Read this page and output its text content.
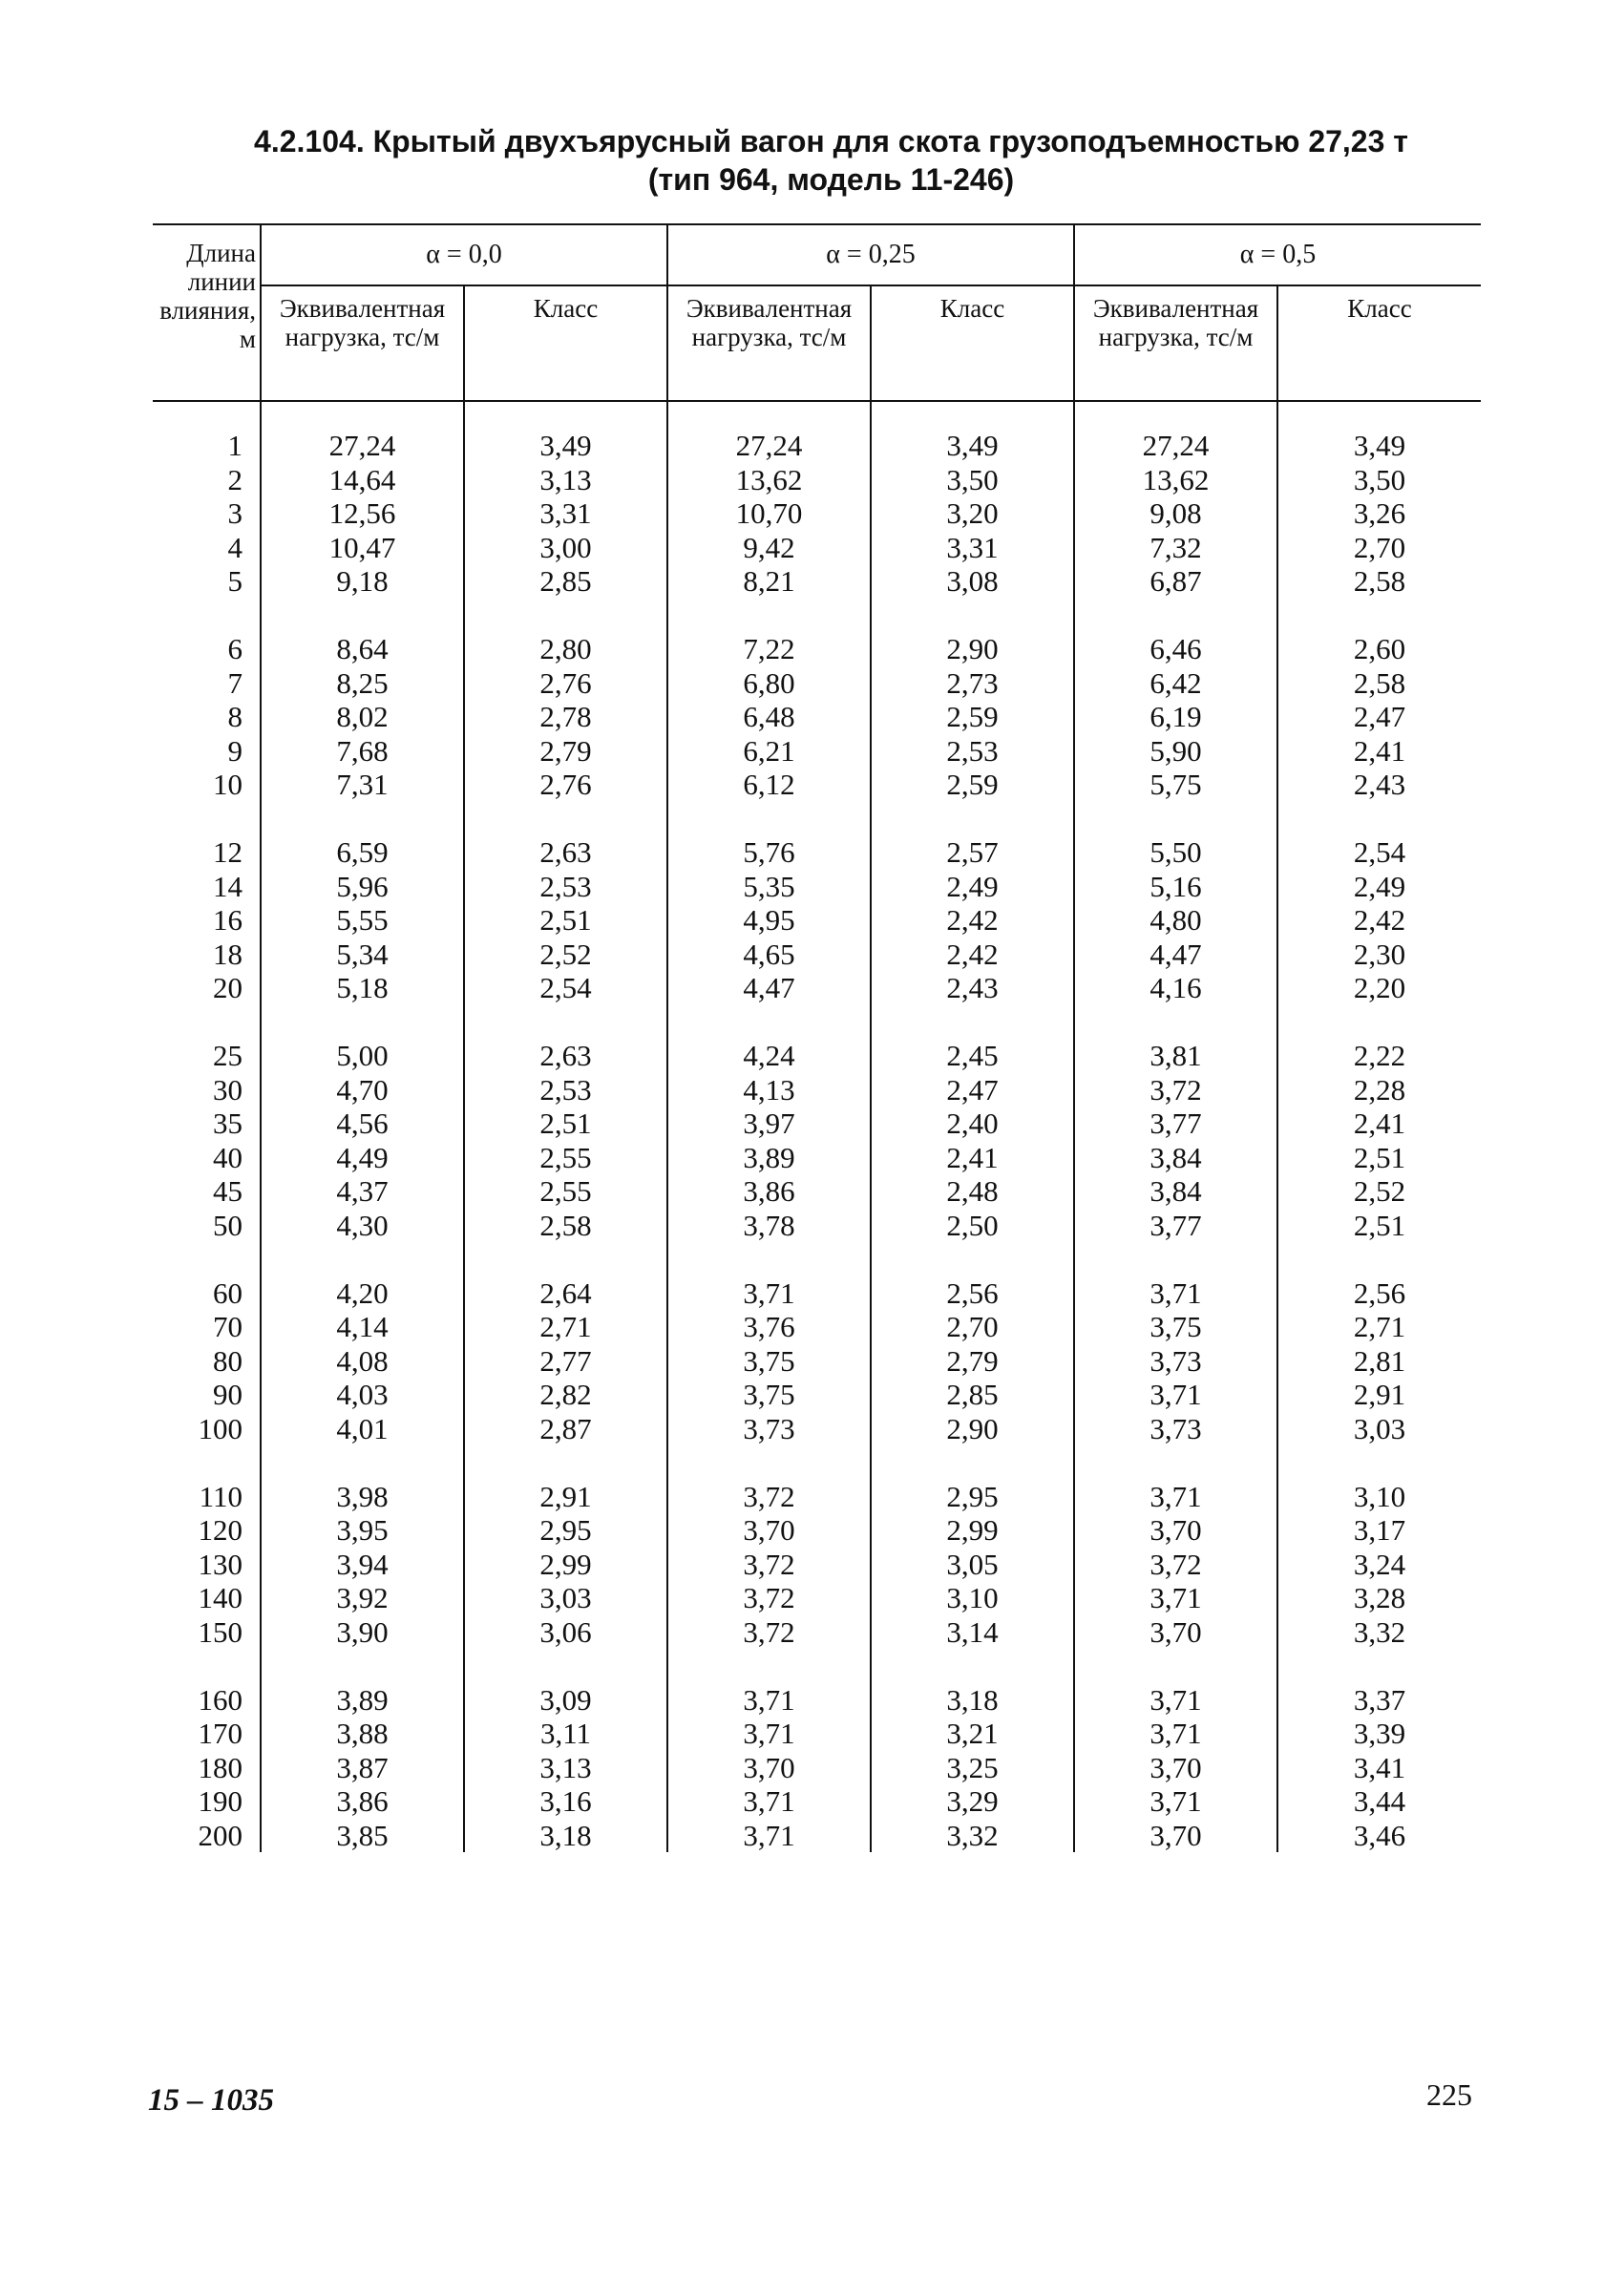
4.2.104. Крытый двухъярусный вагон для скота грузоподъемностью 27,23 т
(тип 964, модель 11-246)
Длина линии влияния, м	α = 0,0		α = 0,25		α = 0,5	
	Эквивалентная нагрузка, тс/м	Класс	Эквивалентная нагрузка, тс/м	Класс	Эквивалентная нагрузка, тс/м	Класс
1	27,24	3,49	27,24	3,49	27,24	3,49
2	14,64	3,13	13,62	3,50	13,62	3,50
3	12,56	3,31	10,70	3,20	9,08	3,26
4	10,47	3,00	9,42	3,31	7,32	2,70
5	9,18	2,85	8,21	3,08	6,87	2,58

6	8,64	2,80	7,22	2,90	6,46	2,60
7	8,25	2,76	6,80	2,73	6,42	2,58
8	8,02	2,78	6,48	2,59	6,19	2,47
9	7,68	2,79	6,21	2,53	5,90	2,41
10	7,31	2,76	6,12	2,59	5,75	2,43

12	6,59	2,63	5,76	2,57	5,50	2,54
14	5,96	2,53	5,35	2,49	5,16	2,49
16	5,55	2,51	4,95	2,42	4,80	2,42
18	5,34	2,52	4,65	2,42	4,47	2,30
20	5,18	2,54	4,47	2,43	4,16	2,20

25	5,00	2,63	4,24	2,45	3,81	2,22
30	4,70	2,53	4,13	2,47	3,72	2,28
35	4,56	2,51	3,97	2,40	3,77	2,41
40	4,49	2,55	3,89	2,41	3,84	2,51
45	4,37	2,55	3,86	2,48	3,84	2,52
50	4,30	2,58	3,78	2,50	3,77	2,51

60	4,20	2,64	3,71	2,56	3,71	2,56
70	4,14	2,71	3,76	2,70	3,75	2,71
80	4,08	2,77	3,75	2,79	3,73	2,81
90	4,03	2,82	3,75	2,85	3,71	2,91
100	4,01	2,87	3,73	2,90	3,73	3,03

110	3,98	2,91	3,72	2,95	3,71	3,10
120	3,95	2,95	3,70	2,99	3,70	3,17
130	3,94	2,99	3,72	3,05	3,72	3,24
140	3,92	3,03	3,72	3,10	3,71	3,28
150	3,90	3,06	3,72	3,14	3,70	3,32

160	3,89	3,09	3,71	3,18	3,71	3,37
170	3,88	3,11	3,71	3,21	3,71	3,39
180	3,87	3,13	3,70	3,25	3,70	3,41
190	3,86	3,16	3,71	3,29	3,71	3,44
200	3,85	3,18	3,71	3,32	3,70	3,46
15 – 1035	225
